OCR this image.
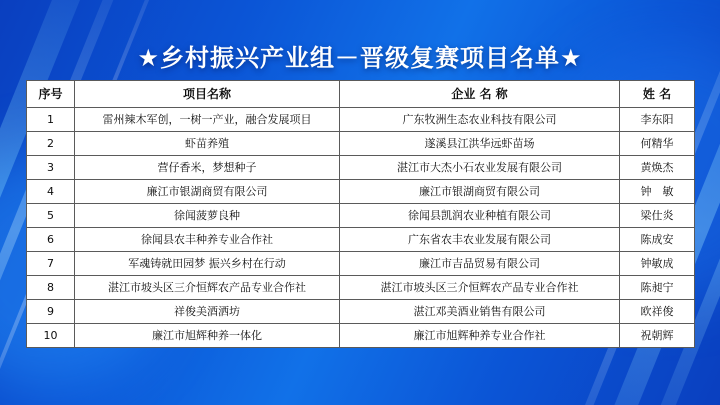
★乡村振兴产业组－晋级复赛项目名单★
序号	项目名称	企业 名 称	姓 名
1	雷州辣木军创，一树一产业，融合发展项目	广东牧洲生态农业科技有限公司	李东阳
2	虾苗养殖	遂溪县江洪华远虾苗场	何精华
3	营仔香米，梦想种子	湛江市大杰小石农业发展有限公司	黄焕杰
4	廉江市银湖商贸有限公司	廉江市银湖商贸有限公司	钟　敏
5	徐闻菠萝良种	徐闻县凯润农业种植有限公司	梁仕炎
6	徐闻县农丰种养专业合作社	广东省农丰农业发展有限公司	陈成安
7	军魂铸就田园梦 振兴乡村在行动	廉江市吉品贸易有限公司	钟敏成
8	湛江市坡头区三介恒辉农产品专业合作社	湛江市坡头区三介恒辉农产品专业合作社	陈昶宁
9	祥俊美酒洒坊	湛江邓美酒业销售有限公司	欧祥俊
10	廉江市旭辉种养一体化	廉江市旭辉种养专业合作社	祝朝辉
